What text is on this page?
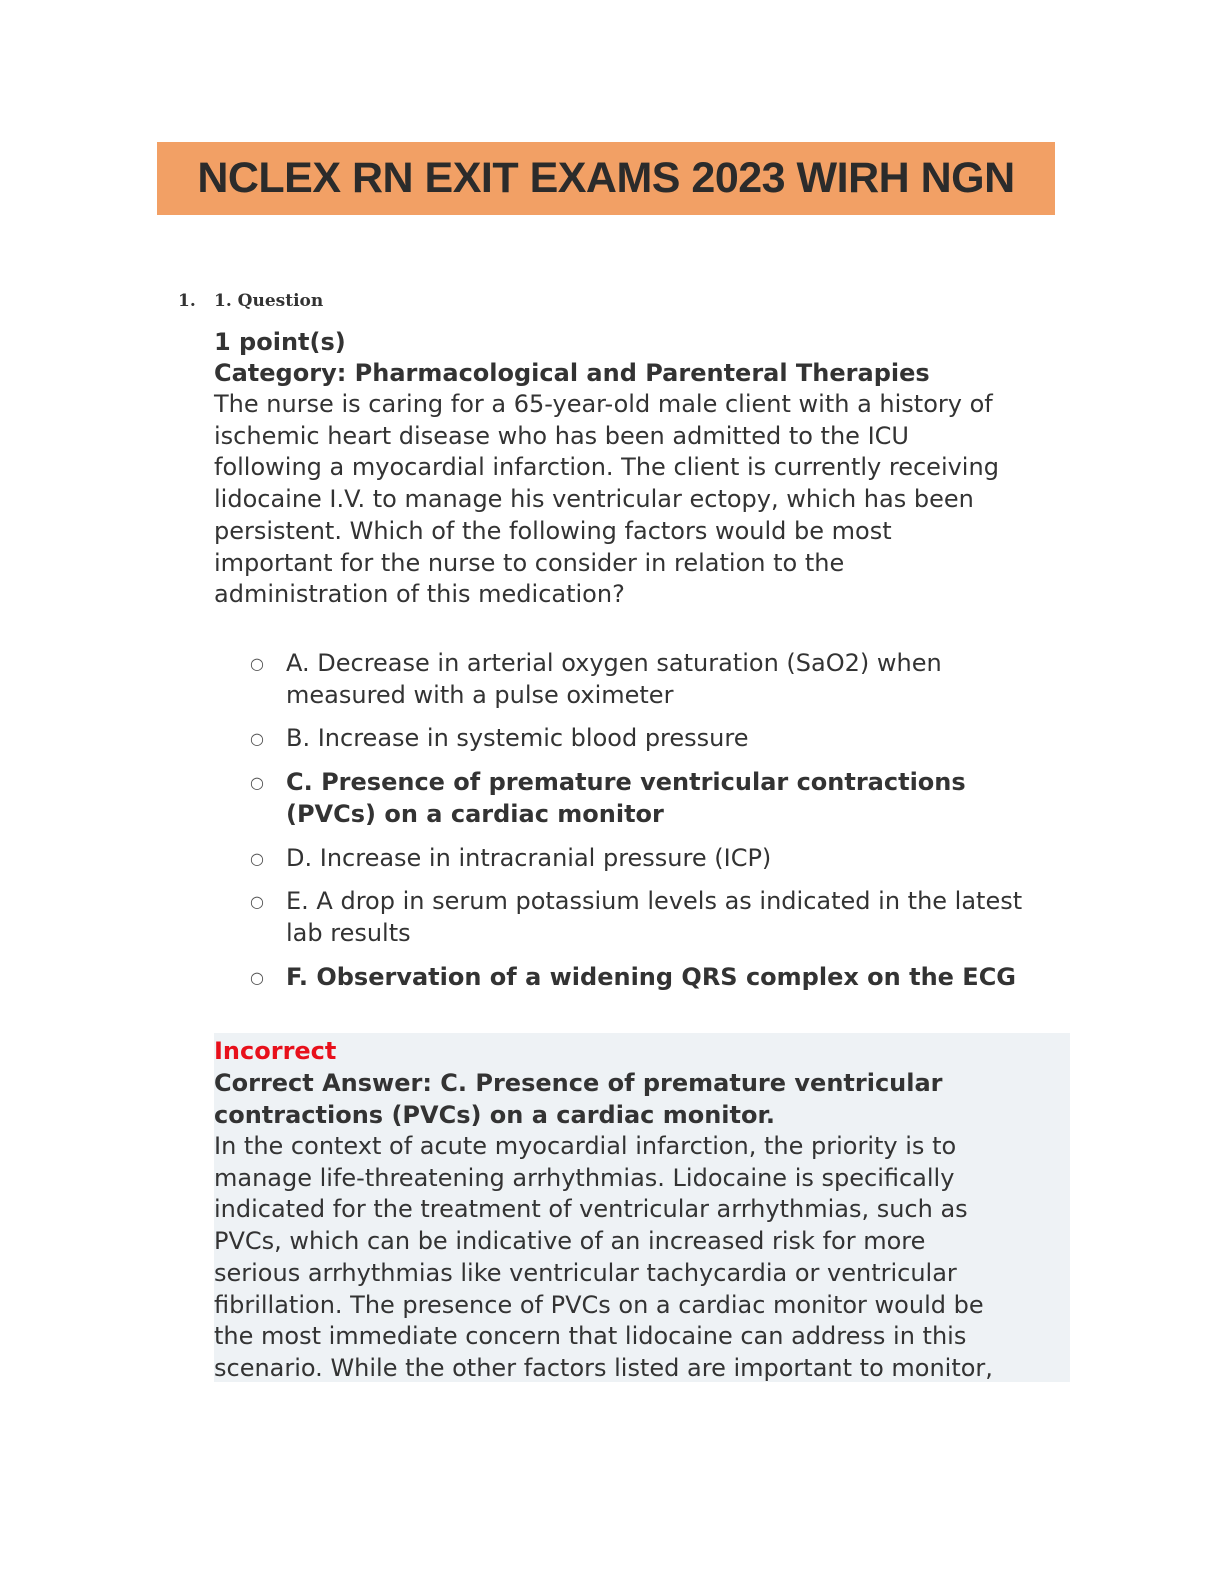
NCLEX RN EXIT EXAMS 2023 WIRH NGN
1. 1. Question
1 point(s)
Category: Pharmacological and Parenteral Therapies
The nurse is caring for a 65-year-old male client with a history of
ischemic heart disease who has been admitted to the ICU
following a myocardial infarction. The client is currently receiving
lidocaine I.V. to manage his ventricular ectopy, which has been
persistent. Which of the following factors would be most
important for the nurse to consider in relation to the
administration of this medication?
○ A. Decrease in arterial oxygen saturation (SaO2) when measured with a pulse oximeter
○ B. Increase in systemic blood pressure
○ C. Presence of premature ventricular contractions (PVCs) on a cardiac monitor
○ D. Increase in intracranial pressure (ICP)
○ E. A drop in serum potassium levels as indicated in the latest lab results
○ F. Observation of a widening QRS complex on the ECG
Incorrect
Correct Answer: C. Presence of premature ventricular
contractions (PVCs) on a cardiac monitor.
In the context of acute myocardial infarction, the priority is to
manage life-threatening arrhythmias. Lidocaine is specifically
indicated for the treatment of ventricular arrhythmias, such as
PVCs, which can be indicative of an increased risk for more
serious arrhythmias like ventricular tachycardia or ventricular
fibrillation. The presence of PVCs on a cardiac monitor would be
the most immediate concern that lidocaine can address in this
scenario. While the other factors listed are important to monitor,
